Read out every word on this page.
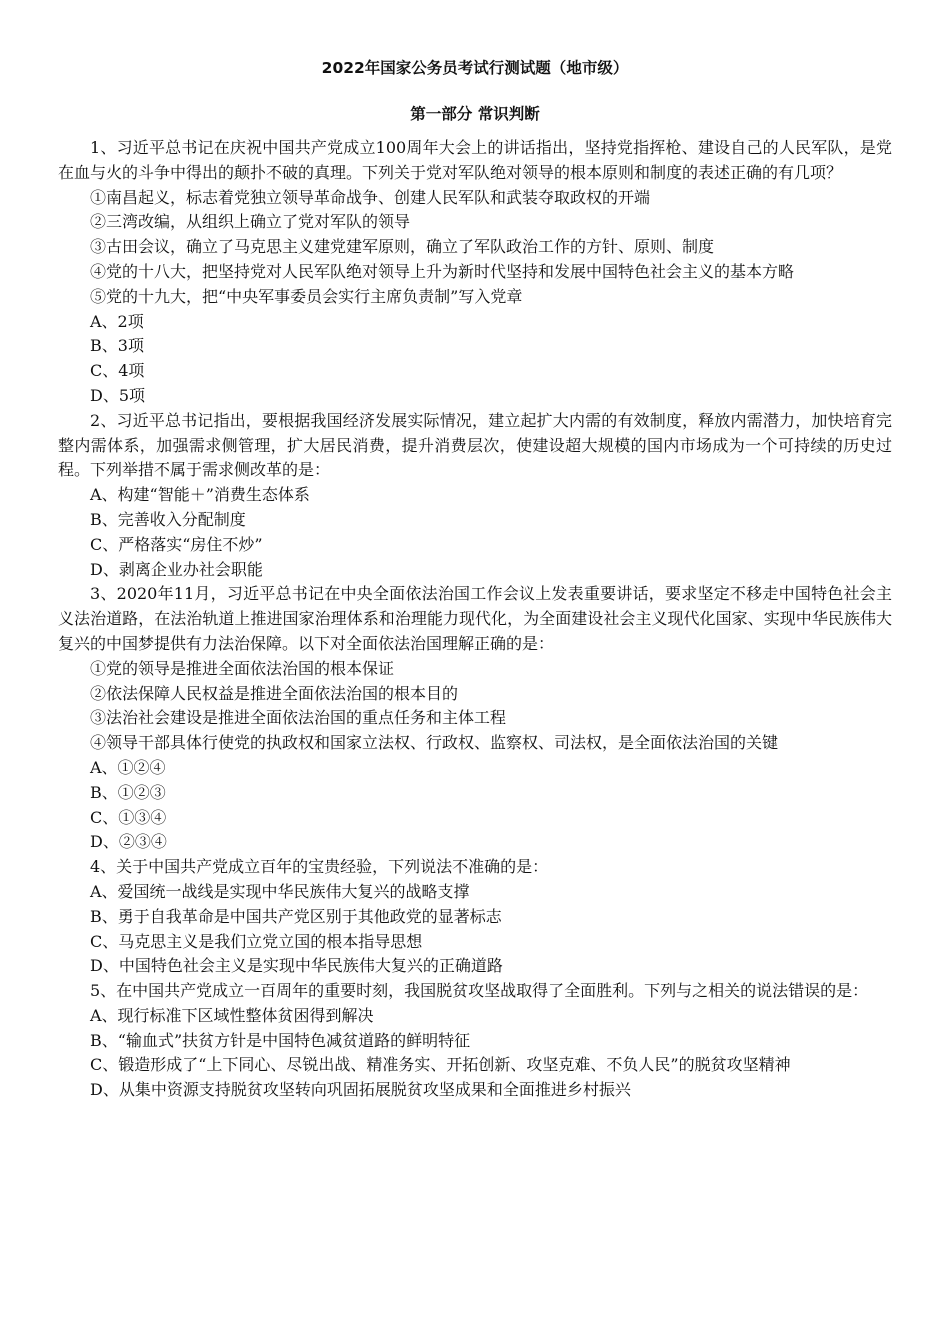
2022年国家公务员考试行测试题（地市级）
第一部分 常识判断

1、习近平总书记在庆祝中国共产党成立100周年大会上的讲话指出，坚持党指挥枪、建设自己的人民军队，是党在血与火的斗争中得出的颠扑不破的真理。下列关于党对军队绝对领导的根本原则和制度的表述正确的有几项？

①南昌起义，标志着党独立领导革命战争、创建人民军队和武装夺取政权的开端

②三湾改编，从组织上确立了党对军队的领导

③古田会议，确立了马克思主义建党建军原则，确立了军队政治工作的方针、原则、制度

④党的十八大，把坚持党对人民军队绝对领导上升为新时代坚持和发展中国特色社会主义的基本方略

⑤党的十九大，把“中央军事委员会实行主席负责制”写入党章

A、2项

B、3项

C、4项

D、5项

2、习近平总书记指出，要根据我国经济发展实际情况，建立起扩大内需的有效制度，释放内需潜力，加快培育完整内需体系，加强需求侧管理，扩大居民消费，提升消费层次，使建设超大规模的国内市场成为一个可持续的历史过程。下列举措不属于需求侧改革的是：

A、构建“智能＋”消费生态体系

B、完善收入分配制度

C、严格落实“房住不炒”

D、剥离企业办社会职能

3、2020年11月，习近平总书记在中央全面依法治国工作会议上发表重要讲话，要求坚定不移走中国特色社会主义法治道路，在法治轨道上推进国家治理体系和治理能力现代化，为全面建设社会主义现代化国家、实现中华民族伟大复兴的中国梦提供有力法治保障。以下对全面依法治国理解正确的是：

①党的领导是推进全面依法治国的根本保证

②依法保障人民权益是推进全面依法治国的根本目的

③法治社会建设是推进全面依法治国的重点任务和主体工程

④领导干部具体行使党的执政权和国家立法权、行政权、监察权、司法权，是全面依法治国的关键

A、①②④

B、①②③

C、①③④

D、②③④

4、关于中国共产党成立百年的宝贵经验，下列说法不准确的是：

A、爱国统一战线是实现中华民族伟大复兴的战略支撑

B、勇于自我革命是中国共产党区别于其他政党的显著标志

C、马克思主义是我们立党立国的根本指导思想

D、中国特色社会主义是实现中华民族伟大复兴的正确道路

5、在中国共产党成立一百周年的重要时刻，我国脱贫攻坚战取得了全面胜利。下列与之相关的说法错误的是：

A、现行标准下区域性整体贫困得到解决

B、“输血式”扶贫方针是中国特色减贫道路的鲜明特征

C、锻造形成了“上下同心、尽锐出战、精准务实、开拓创新、攻坚克难、不负人民”的脱贫攻坚精神

D、从集中资源支持脱贫攻坚转向巩固拓展脱贫攻坚成果和全面推进乡村振兴
